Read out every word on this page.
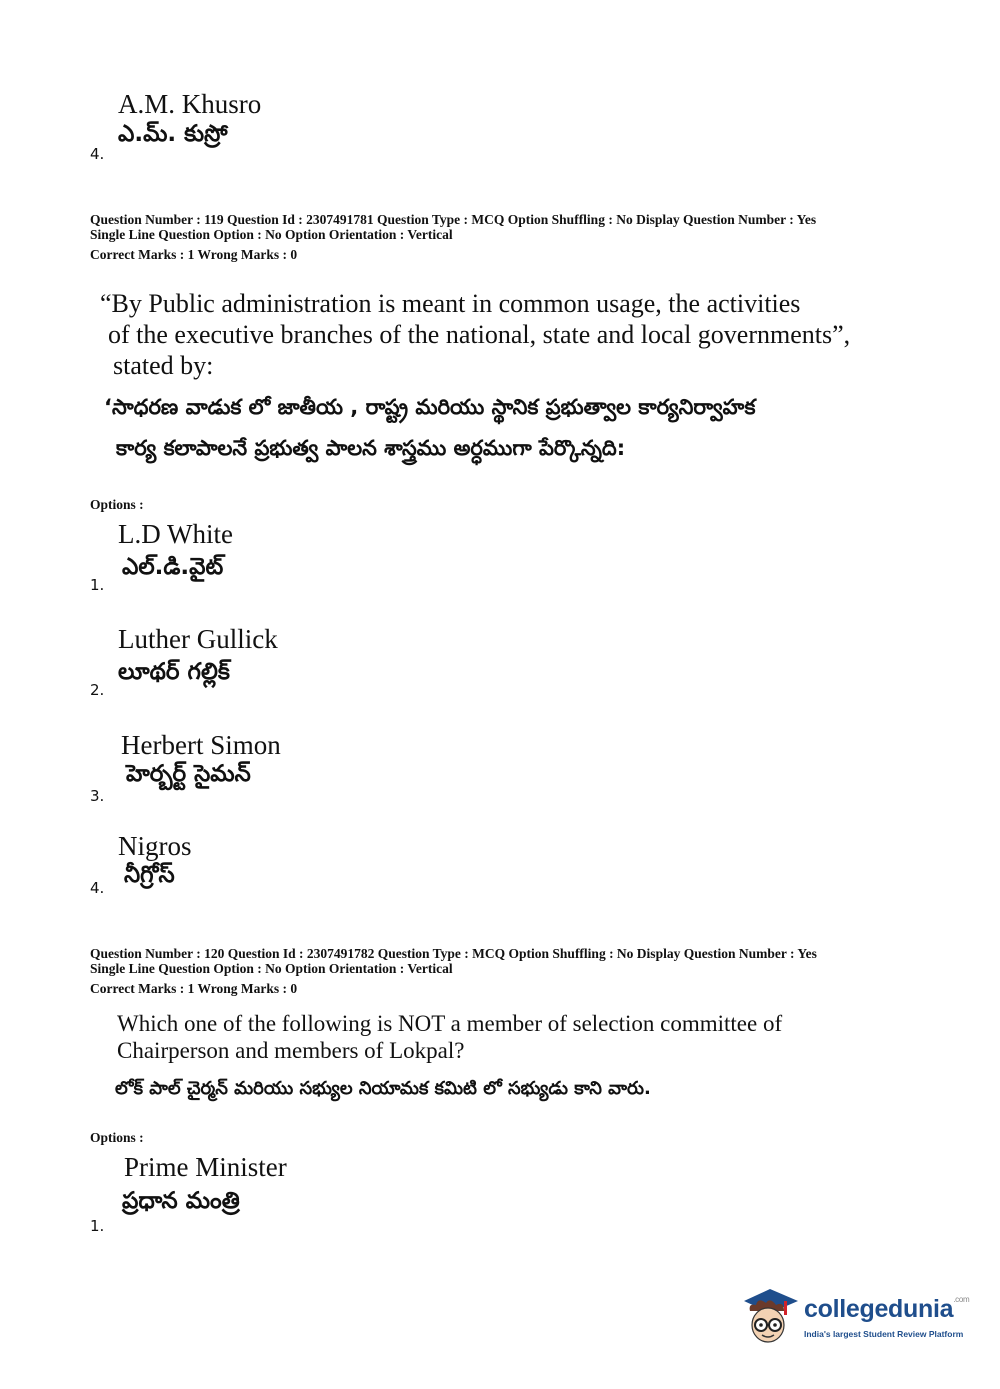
A.M. Khusro
ఎ.మ్. కుస్రో
4.
Question Number : 119 Question Id : 2307491781 Question Type : MCQ Option Shuffling : No Display Question Number : Yes
Single Line Question Option : No Option Orientation : Vertical
Correct Marks : 1 Wrong Marks : 0
“By Public administration is meant in common usage, the activities
of the executive branches of the national, state and local governments”,
stated by:
‘సాధరణ వాడుక లో జాతీయ , రాష్ట్ర మరియు స్థానిక ప్రభుత్వాల కార్యనిర్వాహక
కార్య కలాపాలనే ప్రభుత్వ పాలన శాస్త్రము అర్ధముగా పేర్కొన్నది:
Options :
L.D White
ఎల్.డి.వైట్
1.
Luther Gullick
లూథర్ గల్లిక్
2.
Herbert Simon
హెర్బర్ట్ సైమన్
3.
Nigros
నీగ్రోస్
4.
Question Number : 120 Question Id : 2307491782 Question Type : MCQ Option Shuffling : No Display Question Number : Yes
Single Line Question Option : No Option Orientation : Vertical
Correct Marks : 1 Wrong Marks : 0
Which one of the following is NOT a member of selection committee of
Chairperson and members of Lokpal?
లోక్ పాల్ చైర్మన్ మరియు సభ్యుల నియామక కమిటి లో సభ్యుడు కాని వారు.
Options :
Prime Minister
ప్రధాన మంత్రి
1.
collegedunia$^{.com}$
India's largest Student Review Platform
